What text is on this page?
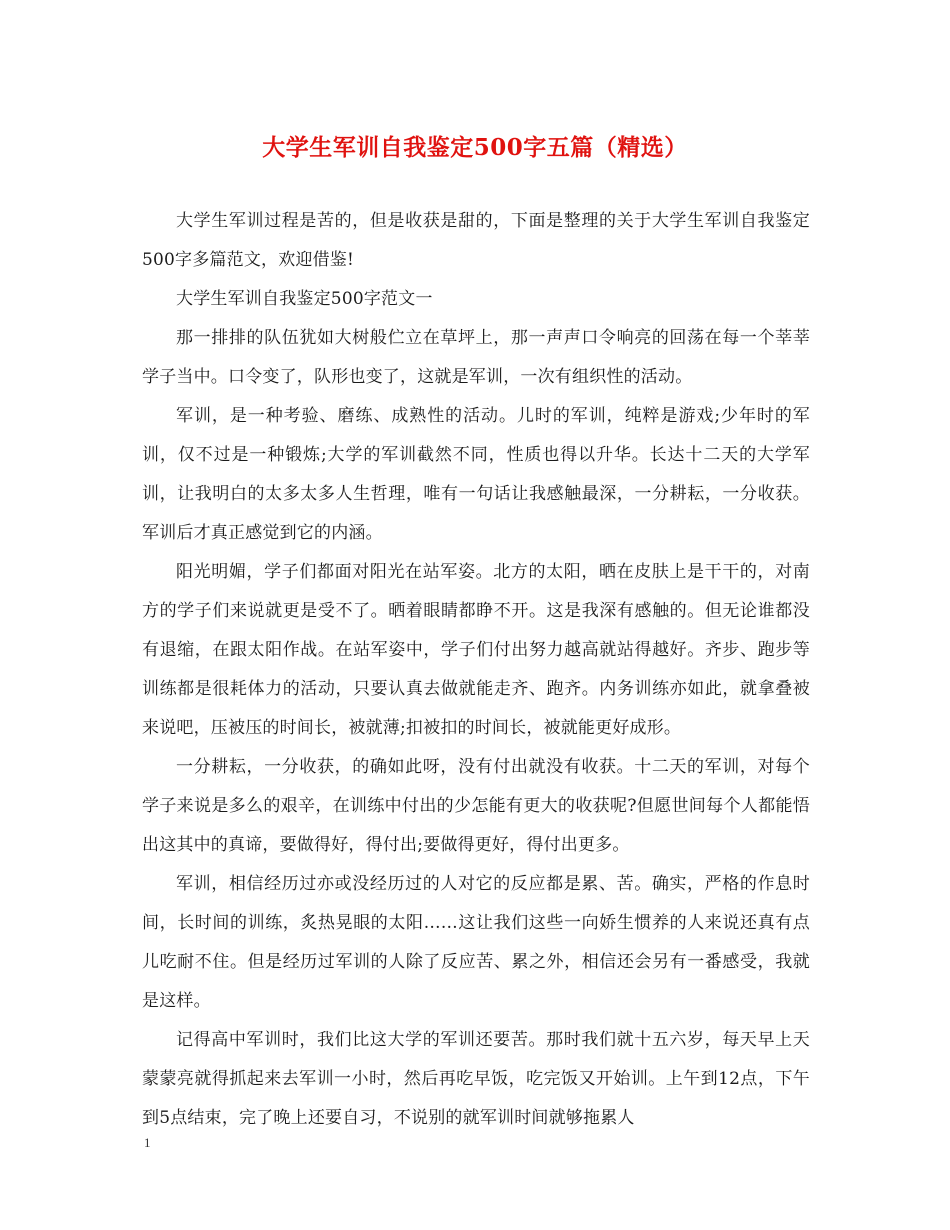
大学生军训自我鉴定500字五篇（精选）

大学生军训过程是苦的，但是收获是甜的，下面是整理的关于大学生军训自我鉴定500字多篇范文，欢迎借鉴!

大学生军训自我鉴定500字范文一

那一排排的队伍犹如大树般伫立在草坪上，那一声声口令响亮的回荡在每一个莘莘学子当中。口令变了，队形也变了，这就是军训，一次有组织性的活动。

军训，是一种考验、磨练、成熟性的活动。儿时的军训，纯粹是游戏;少年时的军训，仅不过是一种锻炼;大学的军训截然不同，性质也得以升华。长达十二天的大学军训，让我明白的太多太多人生哲理，唯有一句话让我感触最深，一分耕耘，一分收获。军训后才真正感觉到它的内涵。

阳光明媚，学子们都面对阳光在站军姿。北方的太阳，晒在皮肤上是干干的，对南方的学子们来说就更是受不了。晒着眼睛都睁不开。这是我深有感触的。但无论谁都没有退缩，在跟太阳作战。在站军姿中，学子们付出努力越高就站得越好。齐步、跑步等训练都是很耗体力的活动，只要认真去做就能走齐、跑齐。内务训练亦如此，就拿叠被来说吧，压被压的时间长，被就薄;扣被扣的时间长，被就能更好成形。

一分耕耘，一分收获，的确如此呀，没有付出就没有收获。十二天的军训，对每个学子来说是多么的艰辛，在训练中付出的少怎能有更大的收获呢?但愿世间每个人都能悟出这其中的真谛，要做得好，得付出;要做得更好，得付出更多。

军训，相信经历过亦或没经历过的人对它的反应都是累、苦。确实，严格的作息时间，长时间的训练，炙热晃眼的太阳……这让我们这些一向娇生惯养的人来说还真有点儿吃耐不住。但是经历过军训的人除了反应苦、累之外，相信还会另有一番感受，我就是这样。

记得高中军训时，我们比这大学的军训还要苦。那时我们就十五六岁，每天早上天蒙蒙亮就得抓起来去军训一小时，然后再吃早饭，吃完饭又开始训。上午到12点，下午到5点结束，完了晚上还要自习，不说别的就军训时间就够拖累人

1
